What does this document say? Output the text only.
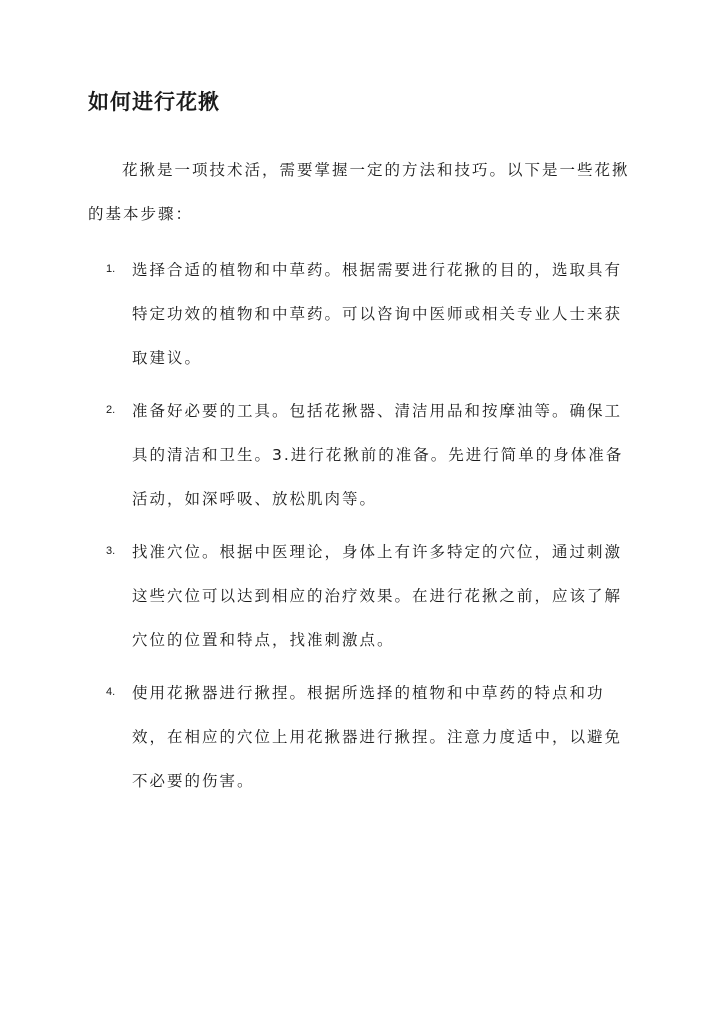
如何进行花揪

花揪是一项技术活，需要掌握一定的方法和技巧。以下是一些花揪的基本步骤：

1. 选择合适的植物和中草药。根据需要进行花揪的目的，选取具有特定功效的植物和中草药。可以咨询中医师或相关专业人士来获取建议。

2. 准备好必要的工具。包括花揪器、清洁用品和按摩油等。确保工具的清洁和卫生。3.进行花揪前的准备。先进行简单的身体准备活动，如深呼吸、放松肌肉等。

3. 找准穴位。根据中医理论，身体上有许多特定的穴位，通过刺激这些穴位可以达到相应的治疗效果。在进行花揪之前，应该了解穴位的位置和特点，找准刺激点。

4. 使用花揪器进行揪捏。根据所选择的植物和中草药的特点和功效，在相应的穴位上用花揪器进行揪捏。注意力度适中，以避免不必要的伤害。
